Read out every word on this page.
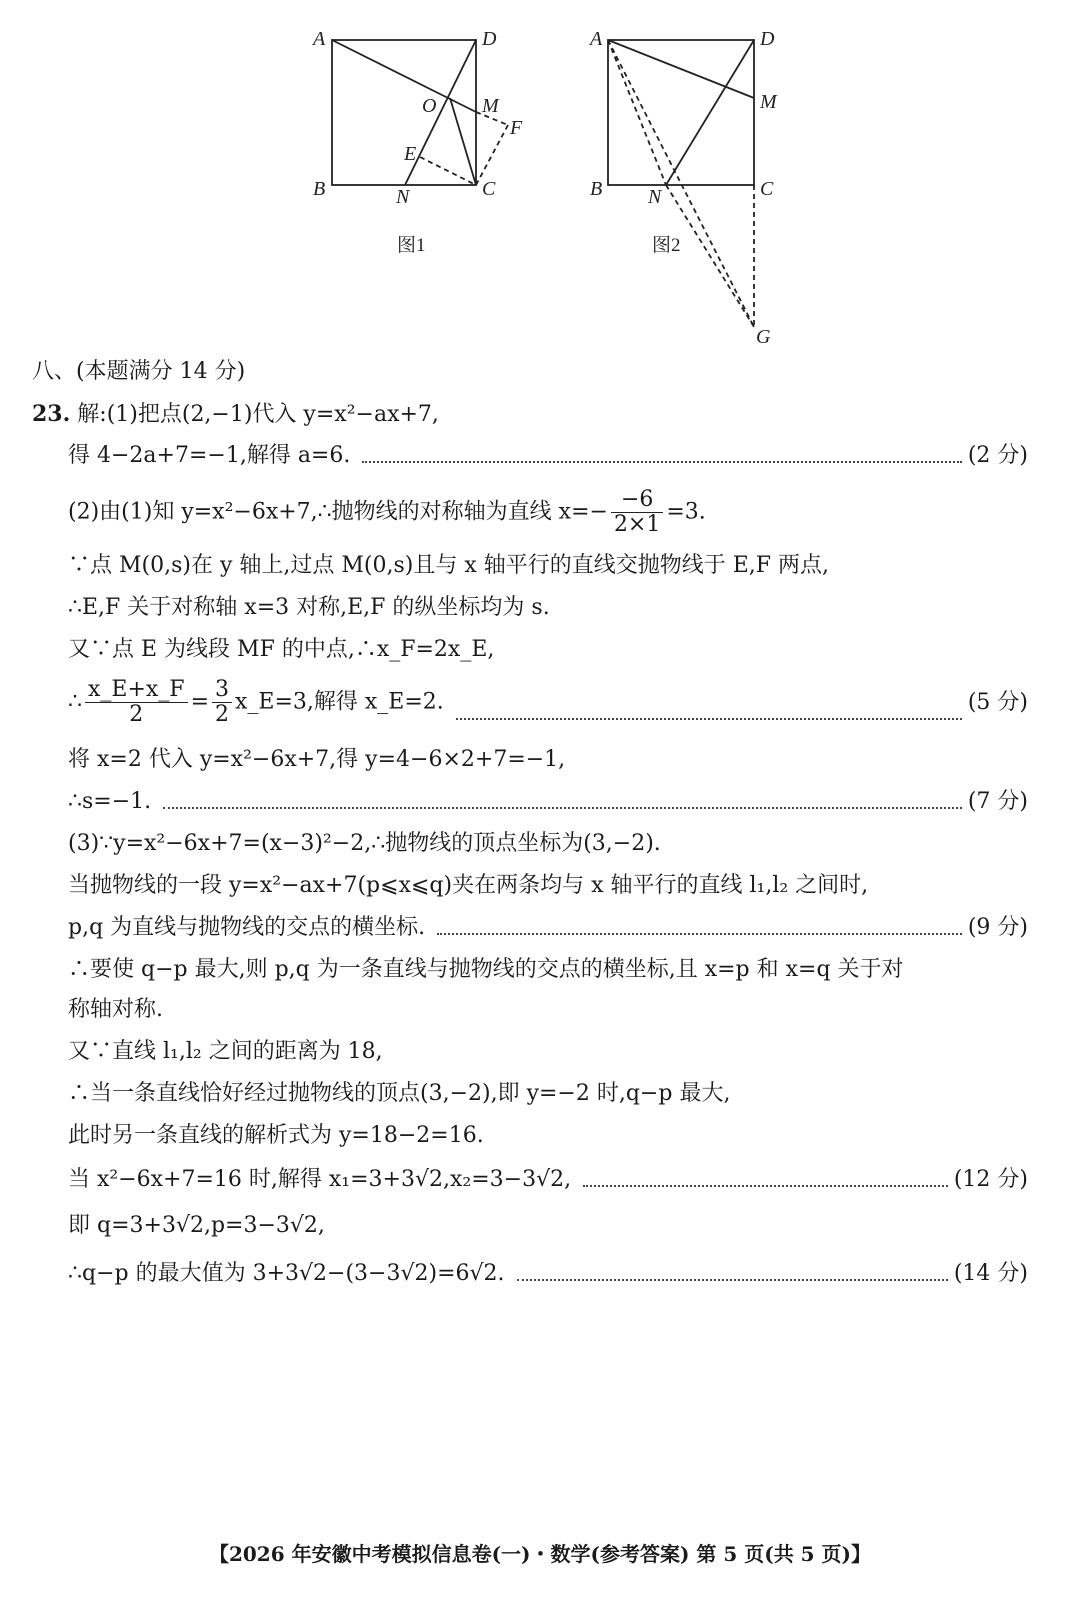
A	D
B	C
O M
F
E
N
图1
A	D
M
B	C
N
G
图2
八、(本题满分 14 分)
23. 解:(1)把点(2,−1)代入 y=x²−ax+7,
得 4−2a+7=−1,解得 a=6.	(2 分)
(2)由(1)知 y=x²−6x+7,∴抛物线的对称轴为直线 $x=- \frac{-6}{2\times 1} =3$.
∵点 M(0,s)在 y 轴上,过点 M(0,s)且与 x 轴平行的直线交抛物线于 E,F 两点,
∴E,F 关于对称轴 x=3 对称,E,F 的纵坐标均为 s.
又∵点 E 为线段 MF 的中点,∴x_F=2x_E,
∴ $\frac{x\_E+x\_F}{2} = \frac{3}{2}$ x_E=3,解得 x_E=2.	(5 分)
将 x=2 代入 y=x²−6x+7,得 y=4−6×2+7=−1,
∴s=−1.	(7 分)
(3)∵y=x²−6x+7=(x−3)²−2,∴抛物线的顶点坐标为(3,−2).
当抛物线的一段 y=x²−ax+7(p⩽x⩽q)夹在两条均与 x 轴平行的直线 l₁,l₂ 之间时,
p,q 为直线与抛物线的交点的横坐标.	(9 分)
∴要使 q−p 最大,则 p,q 为一条直线与抛物线的交点的横坐标,且 x=p 和 x=q 关于对
称轴对称.
又∵直线 l₁,l₂ 之间的距离为 18,
∴当一条直线恰好经过抛物线的顶点(3,−2),即 y=−2 时,q−p 最大,
此时另一条直线的解析式为 y=18−2=16.
当 x²−6x+7=16 时,解得 x₁=3+3√2,x₂=3−3√2,	(12 分)
即 q=3+3√2,p=3−3√2,
∴q−p 的最大值为 3+3√2−(3−3√2)=6√2.	(14 分)
【2026 年安徽中考模拟信息卷(一)・数学(参考答案) 第 5 页(共 5 页)】
